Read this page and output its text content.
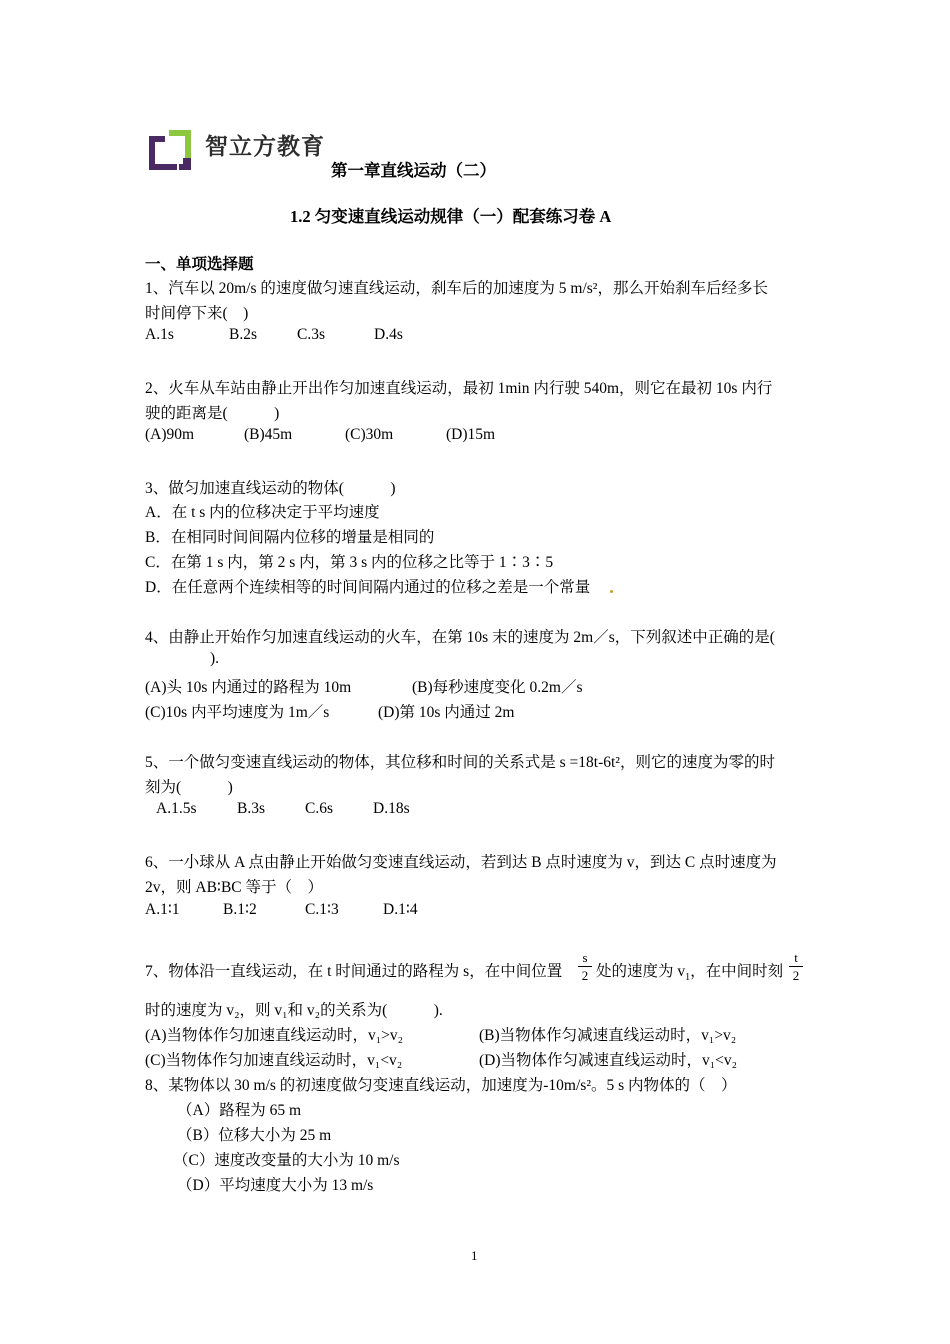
智立方教育
第一章直线运动（二）
1.2 匀变速直线运动规律（一）配套练习卷 A
一、单项选择题
1、汽车以 20m/s 的速度做匀速直线运动，刹车后的加速度为 5 m/s²，那么开始刹车后经多长
时间停下来(　)
A.1s	B.2s	C.3s	D.4s
2、火车从车站由静止开出作匀加速直线运动，最初 1min 内行驶 540m，则它在最初 10s 内行
驶的距离是(　　　)
(A)90m	(B)45m	(C)30m	(D)15m
3、做匀加速直线运动的物体(　　　)
A．在 t s 内的位移决定于平均速度
B．在相同时间间隔内位移的增量是相同的
C．在第 1 s 内，第 2 s 内，第 3 s 内的位移之比等于 1∶3∶5
D．在任意两个连续相等的时间间隔内通过的位移之差是一个常量
4、由静止开始作匀加速直线运动的火车，在第 10s 末的速度为 2m／s，下列叙述中正确的是(
).
(A)头 10s 内通过的路程为 10m	(B)每秒速度变化 0.2m／s
(C)10s 内平均速度为 1m／s	(D)第 10s 内通过 2m
5、一个做匀变速直线运动的物体，其位移和时间的关系式是 s =18t-6t²，则它的速度为零的时
刻为(　　　)
A.1.5s	B.3s	C.6s	D.18s
6、一小球从 A 点由静止开始做匀变速直线运动，若到达 B 点时速度为 v，到达 C 点时速度为
2v，则 AB∶BC 等于（　）
A.1∶1	B.1∶2	C.1∶3	D.1∶4
7、物体沿一直线运动，在 t 时间通过的路程为 s，在中间位置 $\frac{s}{2}$ 处的速度为 $v_1$，在中间时刻 $\frac{t}{2}$
时的速度为 v₂，则 v₁和 v₂的关系为(　　　).
(A)当物体作匀加速直线运动时，v₁>v₂	(B)当物体作匀减速直线运动时，v₁>v₂
(C)当物体作匀加速直线运动时，v₁<v₂	(D)当物体作匀减速直线运动时，v₁<v₂
8、某物体以 30 m/s 的初速度做匀变速直线运动，加速度为-10m/s²。5 s 内物体的（　）
（A）路程为 65 m
（B）位移大小为 25 m
（C）速度改变量的大小为 10 m/s
（D）平均速度大小为 13 m/s
1
